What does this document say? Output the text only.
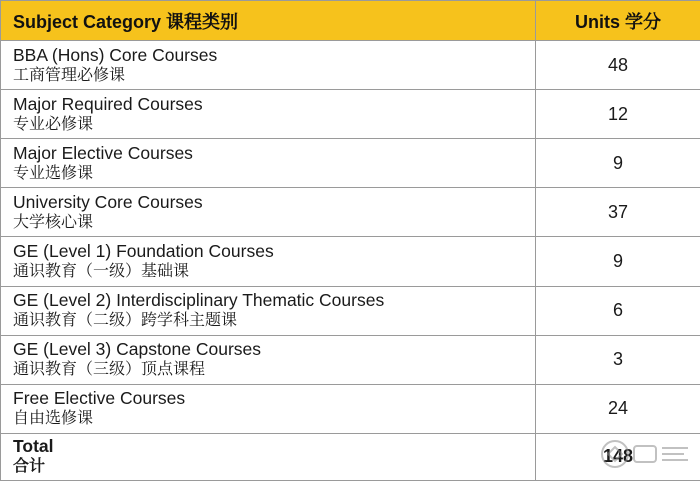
Subject Category 课程类别	Units 学分

BBA (Hons) Core Courses
工商管理必修课	48

Major Required Courses
专业必修课	12

Major Elective Courses
专业选修课	9

University Core Courses
大学核心课	37

GE (Level 1) Foundation Courses
通识教育（一级）基础课	9

GE (Level 2) Interdisciplinary Thematic Courses
通识教育（二级）跨学科主题课	6

GE (Level 3) Capstone Courses
通识教育（三级）顶点课程	3

Free Elective Courses
自由选修课	24

Total
合计	148
